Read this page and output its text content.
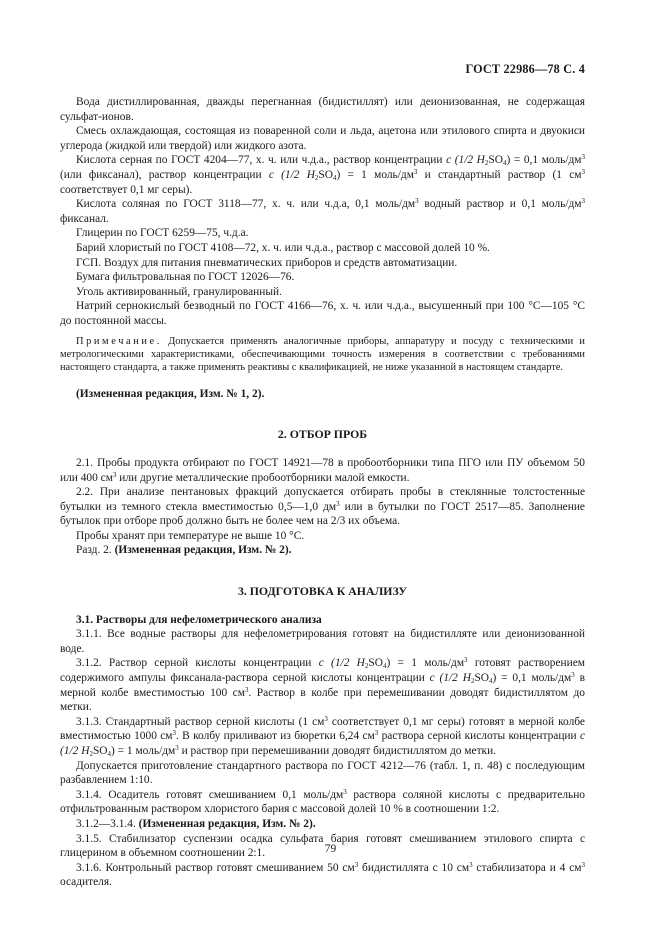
ГОСТ 22986—78 С. 4

Вода дистиллированная, дважды перегнанная (бидистиллят) или деионизованная, не содержащая сульфат-ионов.

Смесь охлаждающая, состоящая из поваренной соли и льда, ацетона или этилового спирта и двуокиси углерода (жидкой или твердой) или жидкого азота.

Кислота серная по ГОСТ 4204—77, х. ч. или ч.д.а., раствор концентрации с (1/2 $H_2SO_4) = 0,1$ моль/$дм^3$ (или фиксанал), раствор концентрации с (1/2 $H_2SO_4) = 1$ моль/$дм^3$ и стандартный раствор (1 $см^3$ соответствует 0,1 мг серы).

Кислота соляная по ГОСТ 3118—77, х. ч. или ч.д.а, 0,1 моль/$дм^3$ водный раствор и 0,1 моль/$дм^3$ фиксанал.

Глицерин по ГОСТ 6259—75, ч.д.а.

Барий хлористый по ГОСТ 4108—72, х. ч. или ч.д.а., раствор с массовой долей 10 %.

ГСП. Воздух для питания пневматических приборов и средств автоматизации.

Бумага фильтровальная по ГОСТ 12026—76.

Уголь активированный, гранулированный.

Натрий сернокислый безводный по ГОСТ 4166—76, х. ч. или ч.д.а., высушенный при 100 °С—105 °С до постоянной массы.

Примечание. Допускается применять аналогичные приборы, аппаратуру и посуду с техническими и метрологическими характеристиками, обеспечивающими точность измерения в соответствии с требованиями настоящего стандарта, а также применять реактивы с квалификацией, не ниже указанной в настоящем стандарте.

(Измененная редакция, Изм. № 1, 2).

2. ОТБОР ПРОБ

2.1. Пробы продукта отбирают по ГОСТ 14921—78 в пробоотборники типа ПГО или ПУ объемом 50 или 400 $см^3$ или другие металлические пробоотборники малой емкости.

2.2. При анализе пентановых фракций допускается отбирать пробы в стеклянные толстостенные бутылки из темного стекла вместимостью 0,5—1,0 $дм^3$ или в бутылки по ГОСТ 2517—85. Заполнение бутылок при отборе проб должно быть не более чем на 2/3 их объема.

Пробы хранят при температуре не выше 10 °С.

Разд. 2. (Измененная редакция, Изм. № 2).

3. ПОДГОТОВКА К АНАЛИЗУ

3.1. Растворы для нефелометрического анализа

3.1.1. Все водные растворы для нефелометрирования готовят на бидистилляте или деионизованной воде.

3.1.2. Раствор серной кислоты концентрации с (1/2 $H_2SO_4) = 1$ моль/$дм^3$ готовят растворением содержимого ампулы фиксанала-раствора серной кислоты концентрации с (1/2 $H_2SO_4) = 0,1$ моль/$дм^3$ в мерной колбе вместимостью 100 $см^3$. Раствор в колбе при перемешивании доводят бидистиллятом до метки.

3.1.3. Стандартный раствор серной кислоты (1 $см^3$ соответствует 0,1 мг серы) готовят в мерной колбе вместимостью 1000 $см^3$. В колбу приливают из бюретки 6,24 $см^3$ раствора серной кислоты концентрации с (1/2 $H_2SO_4) = 1$ моль/$дм^3$ и раствор при перемешивании доводят бидистиллятом до метки.

Допускается приготовление стандартного раствора по ГОСТ 4212—76 (табл. 1, п. 48) с последующим разбавлением 1:10.

3.1.4. Осадитель готовят смешиванием 0,1 моль/$дм^3$ раствора соляной кислоты с предварительно отфильтрованным раствором хлористого бария с массовой долей 10 % в соотношении 1:2.

3.1.2—3.1.4. (Измененная редакция, Изм. № 2).

3.1.5. Стабилизатор суспензии осадка сульфата бария готовят смешиванием этилового спирта с глицерином в объемном соотношении 2:1.

3.1.6. Контрольный раствор готовят смешиванием 50 $см^3$ бидистиллята с 10 $см^3$ стабилизатора и 4 $см^3$ осадителя.

79
